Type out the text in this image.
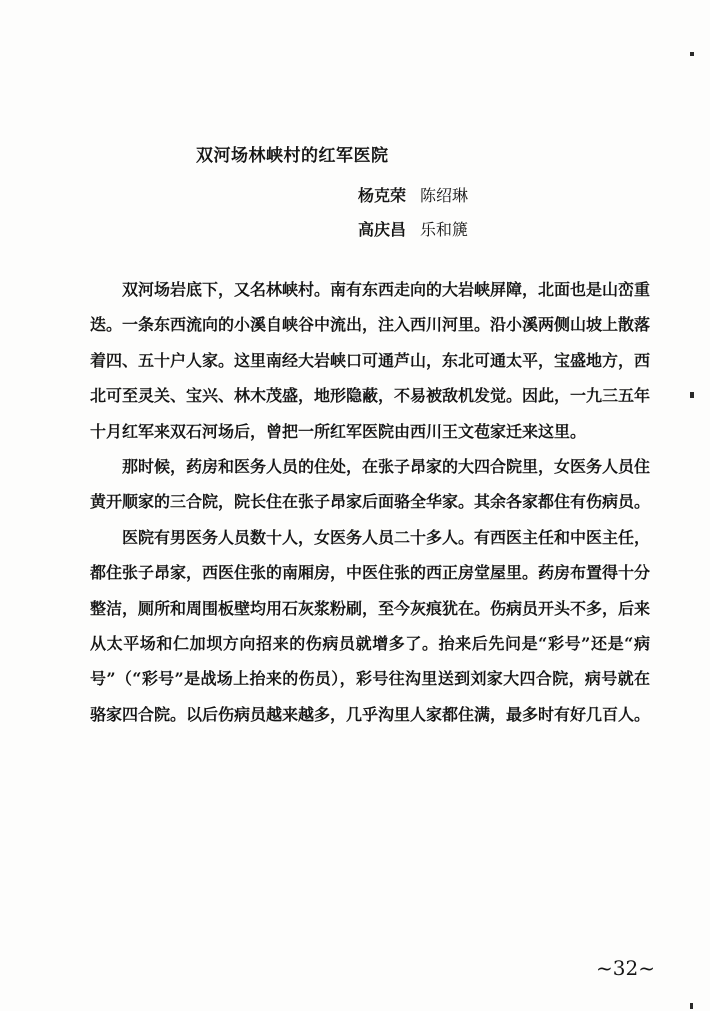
双河场林峡村的红军医院
杨克荣 陈绍琳
高庆昌 乐和篪

双河场岩底下，又名林峡村。南有东西走向的大岩峡屏障，北面也是山峦重迭。一条东西流向的小溪自峡谷中流出，注入西川河里。沿小溪两侧山坡上散落着四、五十户人家。这里南经大岩峡口可通芦山，东北可通太平，宝盛地方，西北可至灵关、宝兴、林木茂盛，地形隐蔽，不易被敌机发觉。因此，一九三五年十月红军来双石河场后，曾把一所红军医院由西川王文苞家迁来这里。

那时候，药房和医务人员的住处，在张子昂家的大四合院里，女医务人员住黄开顺家的三合院，院长住在张子昂家后面骆全华家。其余各家都住有伤病员。

医院有男医务人员数十人，女医务人员二十多人。有西医主任和中医主任，都住张子昂家，西医住张的南厢房，中医住张的西正房堂屋里。药房布置得十分整洁，厕所和周围板壁均用石灰浆粉刷，至今灰痕犹在。伤病员开头不多，后来从太平场和仁加坝方向招来的伤病员就增多了。抬来后先问是“彩号”还是“病号”（“彩号”是战场上抬来的伤员），彩号往沟里送到刘家大四合院，病号就在骆家四合院。以后伤病员越来越多，几乎沟里人家都住满，最多时有好几百人。

~32~
